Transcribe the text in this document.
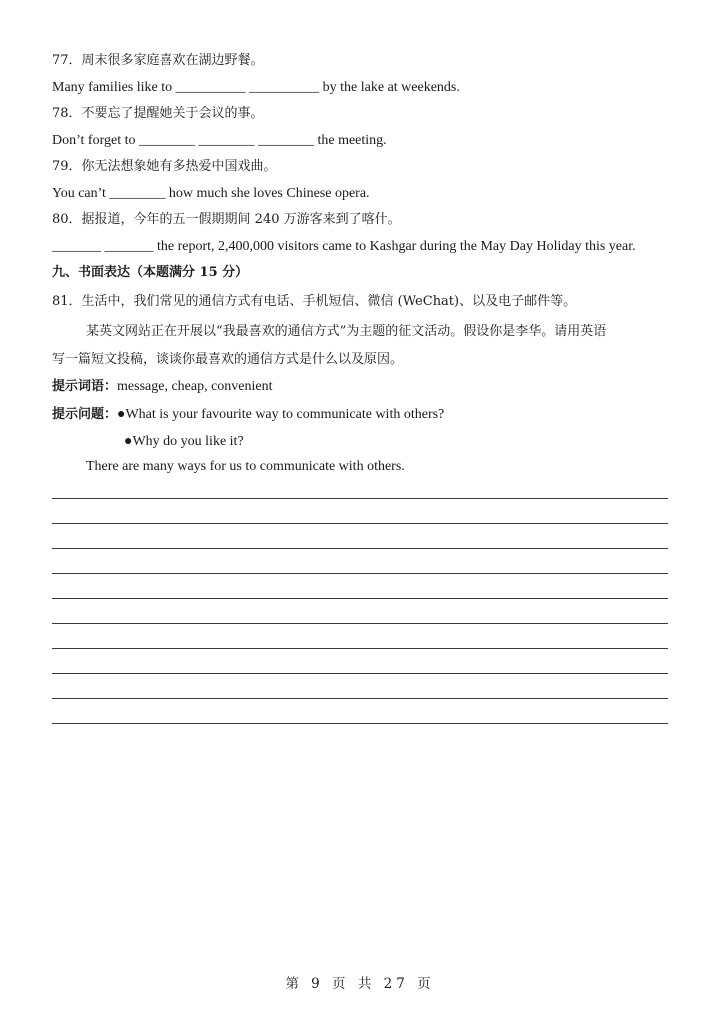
77．周末很多家庭喜欢在湖边野餐。
Many families like to __________ __________ by the lake at weekends.
78．不要忘了提醒她关于会议的事。
Don’t forget to ________ ________ ________ the meeting.
79．你无法想象她有多热爱中国戏曲。
You can’t ________ how much she loves Chinese opera.
80．据报道，今年的五一假期期间 240 万游客来到了喀什。
_______ _______ the report, 2,400,000 visitors came to Kashgar during the May Day Holiday this year.
九、书面表达（本题满分 15 分）
81．生活中，我们常见的通信方式有电话、手机短信、微信 (WeChat)、以及电子邮件等。
某英文网站正在开展以“我最喜欢的通信方式”为主题的征文活动。假设你是李华。请用英语
写一篇短文投稿，谈谈你最喜欢的通信方式是什么以及原因。
提示词语：message, cheap, convenient
提示问题：●What is your favourite way to communicate with others?
●Why do you like it?
There are many ways for us to communicate with others.
第 9 页 共 27 页
